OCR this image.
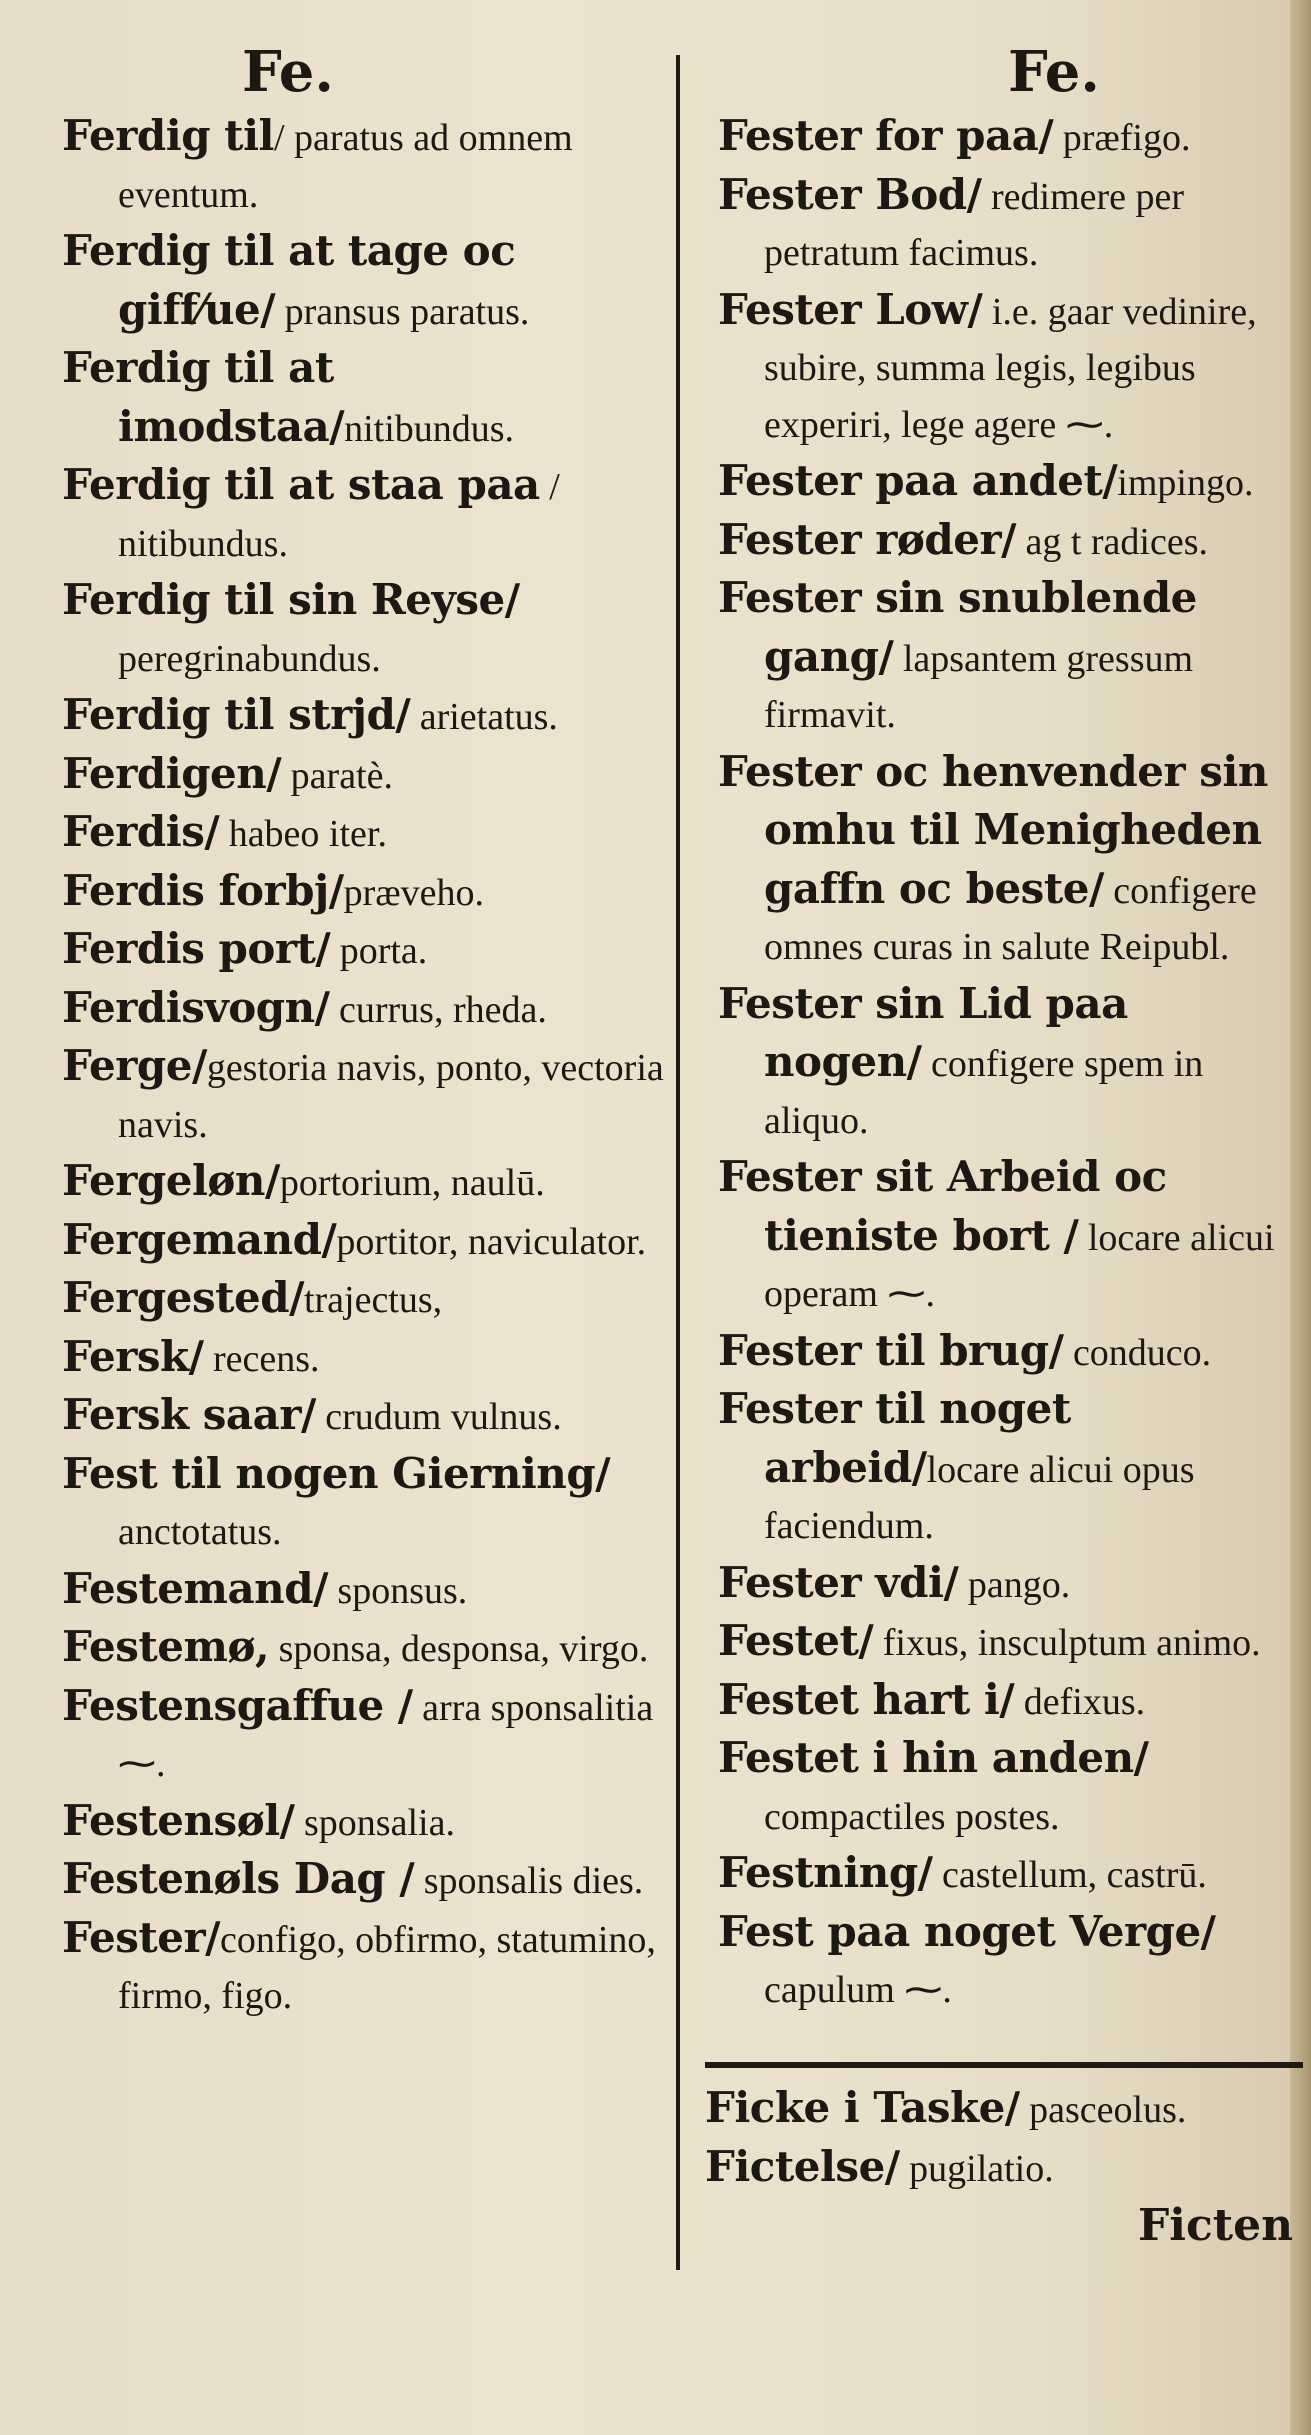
Fe.
Ferdig til/ paratus ad omnem eventum.
Ferdig til at tage oc giff⁄ue/ pransus paratus.
Ferdig til at imodstaa/nitibundus.
Ferdig til at staa paa / nitibundus.
Ferdig til sin Reyse/ peregrinabundus.
Ferdig til strjd/ arietatus.
Ferdigen/ paratè.
Ferdis/ habeo iter.
Ferdis forbj/præveho.
Ferdis port/ porta.
Ferdisvogn/ currus, rheda.
Ferge/gestoria navis, ponto, vectoria navis.
Fergeløn/portorium, naulū.
Fergemand/portitor, naviculator.
Fergested/trajectus,
Fersk/ recens.
Fersk saar/ crudum vulnus.
Fest til nogen Gierning/ anctotatus.
Festemand/ sponsus.
Festemø, sponsa, desponsa, virgo.
Festensgaffue / arra sponsalitia ⁓.
Festensøl/ sponsalia.
Festenøls Dag / sponsalis dies.
Fester/configo, obfirmo, statumino, firmo, figo.
Fe.
Fester for paa/ præfigo.
Fester Bod/ redimere per petratum facimus.
Fester Low/ i.e. gaar vedinire, subire, summa legis, legibus experiri, lege agere ⁓.
Fester paa andet/impingo.
Fester røder/ ag t radices.
Fester sin snublende gang/ lapsantem gressum firmavit.
Fester oc henvender sin omhu til Menigheden gaffn oc beste/ configere omnes curas in salute Reipubl.
Fester sin Lid paa nogen/ configere spem in aliquo.
Fester sit Arbeid oc tieniste bort / locare alicui operam ⁓.
Fester til brug/ conduco.
Fester til noget arbeid/locare alicui opus faciendum.
Fester vdi/ pango.
Festet/ fixus, insculptum animo.
Festet hart i/ defixus.
Festet i hin anden/ compactiles postes.
Festning/ castellum, castrū.
Fest paa noget Verge/ capulum ⁓.
Ficke i Taske/ pasceolus.
Fictelse/ pugilatio.
Ficten
